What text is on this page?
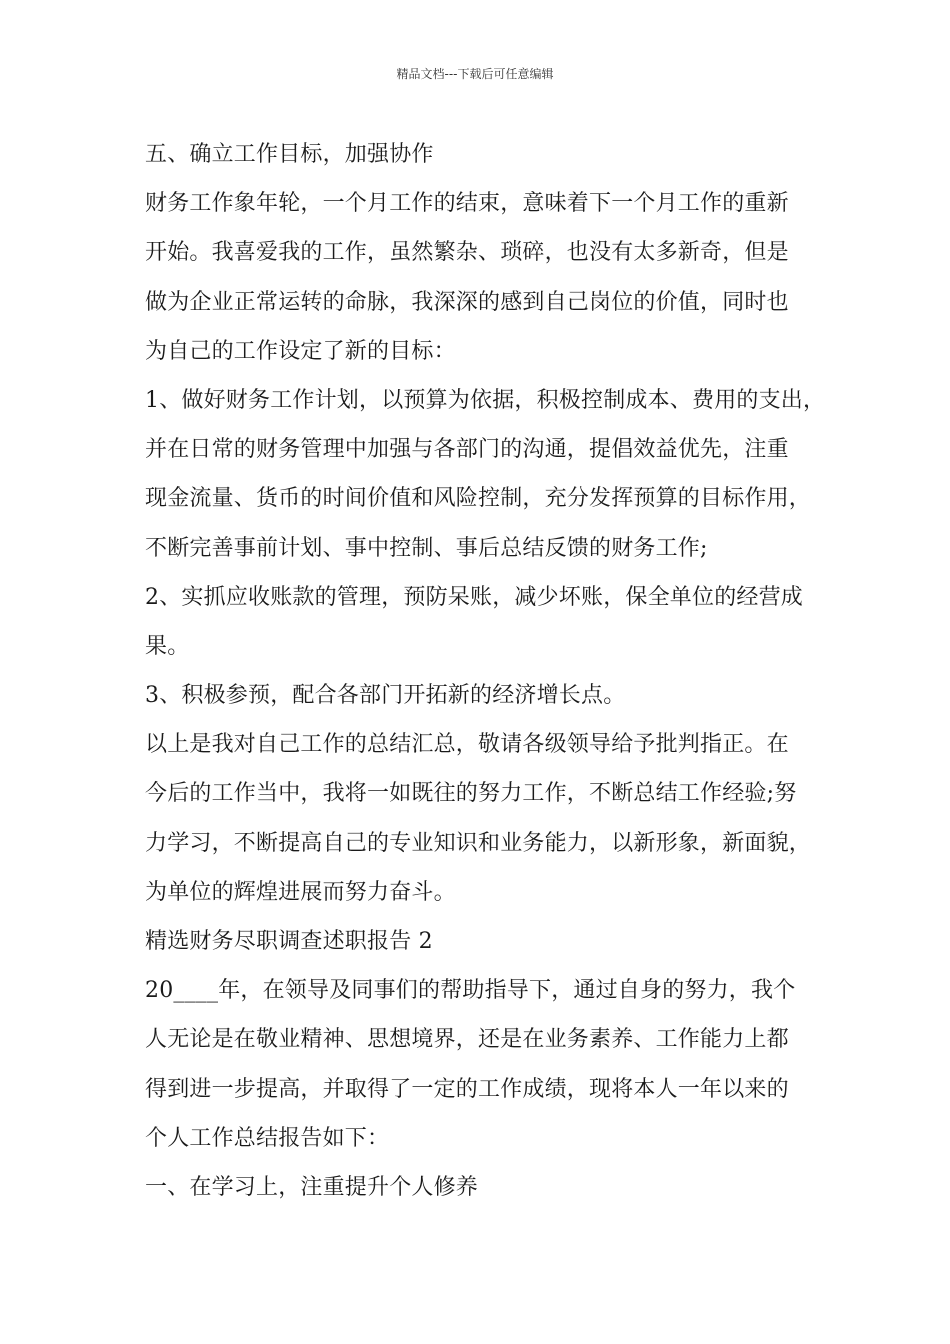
精品文档---下载后可任意编辑
五、确立工作目标，加强协作
财务工作象年轮，一个月工作的结束，意味着下一个月工作的重新
开始。我喜爱我的工作，虽然繁杂、琐碎，也没有太多新奇，但是
做为企业正常运转的命脉，我深深的感到自己岗位的价值，同时也
为自己的工作设定了新的目标：
1、做好财务工作计划，以预算为依据，积极控制成本、费用的支出，
并在日常的财务管理中加强与各部门的沟通，提倡效益优先，注重
现金流量、货币的时间价值和风险控制，充分发挥预算的目标作用，
不断完善事前计划、事中控制、事后总结反馈的财务工作;
2、实抓应收账款的管理，预防呆账，减少坏账，保全单位的经营成
果。
3、积极参预，配合各部门开拓新的经济增长点。
以上是我对自己工作的总结汇总，敬请各级领导给予批判指正。在
今后的工作当中，我将一如既往的努力工作，不断总结工作经验;努
力学习，不断提高自己的专业知识和业务能力，以新形象，新面貌，
为单位的辉煌进展而努力奋斗。
精选财务尽职调查述职报告 2
20____年，在领导及同事们的帮助指导下，通过自身的努力，我个
人无论是在敬业精神、思想境界，还是在业务素养、工作能力上都
得到进一步提高，并取得了一定的工作成绩，现将本人一年以来的
个人工作总结报告如下：
一、在学习上，注重提升个人修养
